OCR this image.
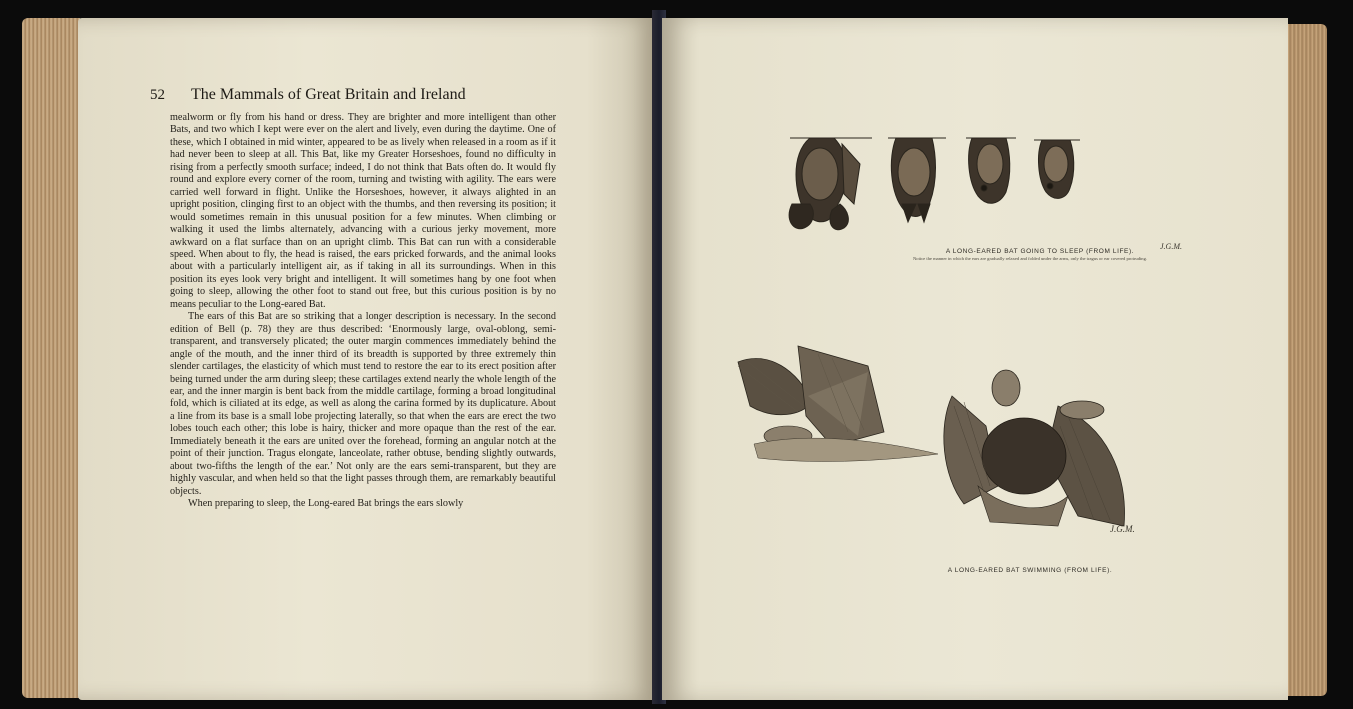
52 The Mammals of Great Britain and Ireland

mealworm or fly from his hand or dress. They are brighter and more intelligent than other Bats, and two which I kept were ever on the alert and lively, even during the daytime. One of these, which I obtained in mid winter, appeared to be as lively when released in a room as if it had never been to sleep at all. This Bat, like my Greater Horseshoes, found no difficulty in rising from a perfectly smooth surface; indeed, I do not think that Bats often do. It would fly round and explore every corner of the room, turning and twisting with agility. The ears were carried well forward in flight. Unlike the Horseshoes, however, it always alighted in an upright position, clinging first to an object with the thumbs, and then reversing its position; it would sometimes remain in this unusual position for a few minutes. When climbing or walking it used the limbs alternately, advancing with a curious jerky movement, more awkward on a flat surface than on an upright climb. This Bat can run with a considerable speed. When about to fly, the head is raised, the ears pricked forwards, and the animal looks about with a particularly intelligent air, as if taking in all its surroundings. When in this position its eyes look very bright and intelligent. It will sometimes hang by one foot when going to sleep, allowing the other foot to stand out free, but this curious position is by no means peculiar to the Long-eared Bat.

The ears of this Bat are so striking that a longer description is necessary. In the second edition of Bell (p. 78) they are thus described: ‘Enormously large, oval-oblong, semi-transparent, and transversely plicated; the outer margin commences immediately behind the angle of the mouth, and the inner third of its breadth is supported by three extremely thin slender cartilages, the elasticity of which must tend to restore the ear to its erect position after being turned under the arm during sleep; these cartilages extend nearly the whole length of the ear, and the inner margin is bent back from the middle cartilage, forming a broad longitudinal fold, which is ciliated at its edge, as well as along the carina formed by its duplicature. About a line from its base is a small lobe projecting laterally, so that when the ears are erect the two lobes touch each other; this lobe is hairy, thicker and more opaque than the rest of the ear. Immediately beneath it the ears are united over the forehead, forming an angular notch at the point of their junction. Tragus elongate, lanceolate, rather obtuse, bending slightly outwards, about two-fifths the length of the ear.’ Not only are the ears semi-transparent, but they are highly vascular, and when held so that the light passes through them, are remarkably beautiful objects.

When preparing to sleep, the Long-eared Bat brings the ears slowly

J.G.M.
A LONG-EARED BAT GOING TO SLEEP (FROM LIFE).
Notice the manner in which the ears are gradually relaxed and folded under the arms, only the tragus or ear covered protruding.
J.G.M.
A LONG-EARED BAT SWIMMING (FROM LIFE).
